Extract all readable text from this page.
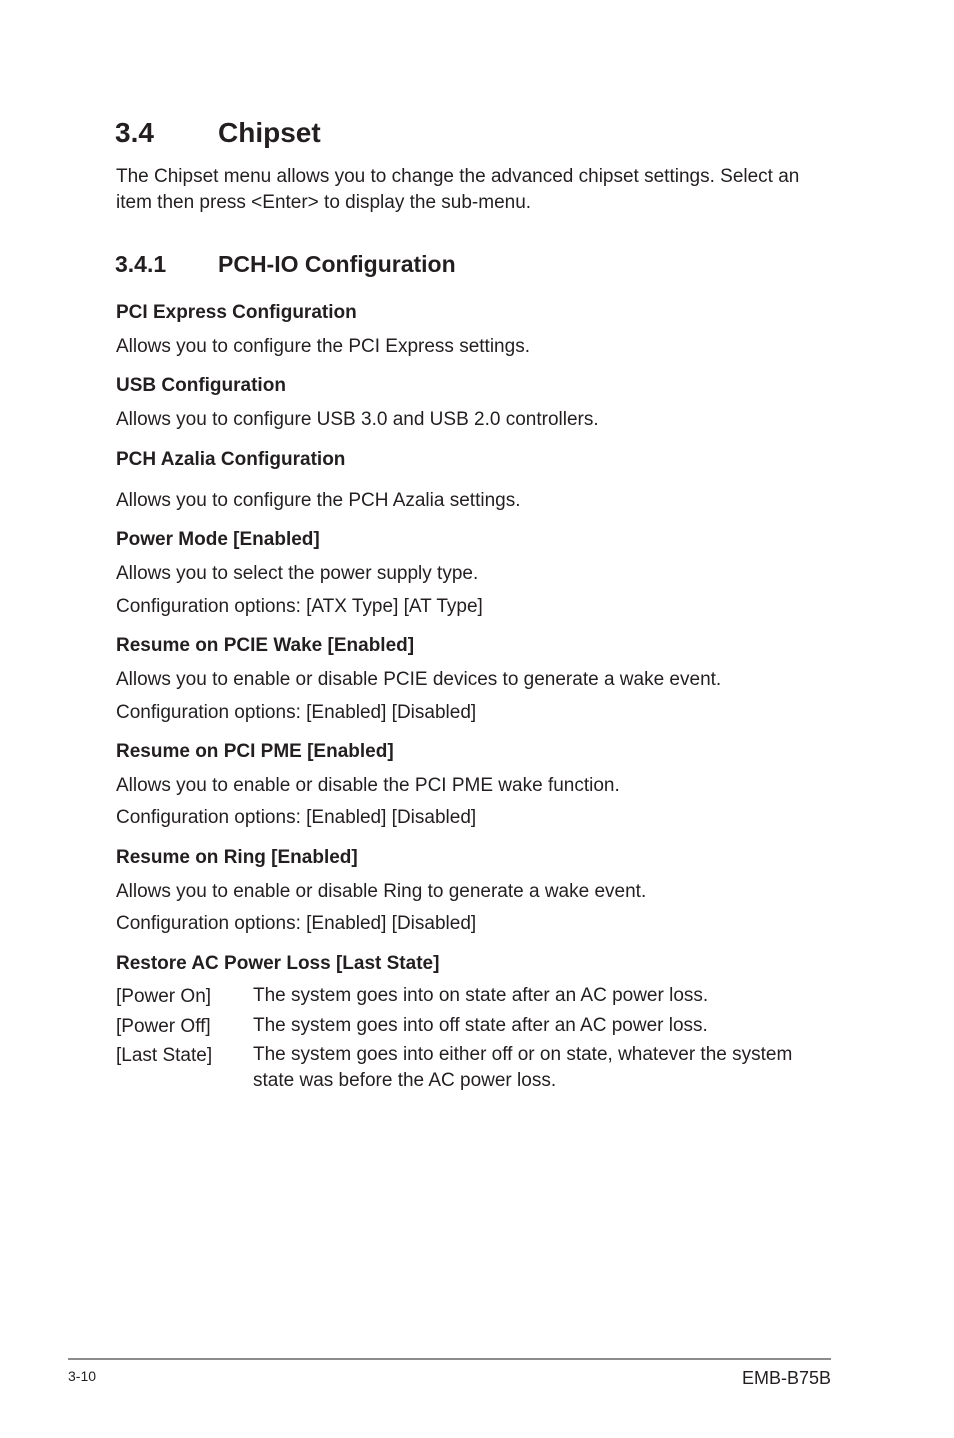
3.4 Chipset
The Chipset menu allows you to change the advanced chipset settings. Select an item then press <Enter> to display the sub-menu.
3.4.1 PCH-IO Configuration
PCI Express Configuration
Allows you to configure the PCI Express settings.
USB Configuration
Allows you to configure USB 3.0 and USB 2.0 controllers.
PCH Azalia Configuration
Allows you to configure the PCH Azalia settings.
Power Mode [Enabled]
Allows you to select the power supply type.
Configuration options: [ATX Type] [AT Type]
Resume on PCIE Wake [Enabled]
Allows you to enable or disable PCIE devices to generate a wake event.
Configuration options: [Enabled] [Disabled]
Resume on PCI PME [Enabled]
Allows you to enable or disable the PCI PME wake function.
Configuration options: [Enabled] [Disabled]
Resume on Ring [Enabled]
Allows you to enable or disable Ring to generate a wake event.
Configuration options: [Enabled] [Disabled]
Restore AC Power Loss [Last State]
[Power On] The system goes into on state after an AC power loss.
[Power Off] The system goes into off state after an AC power loss.
[Last State] The system goes into either off or on state, whatever the system state was before the AC power loss.
3-10	EMB-B75B
